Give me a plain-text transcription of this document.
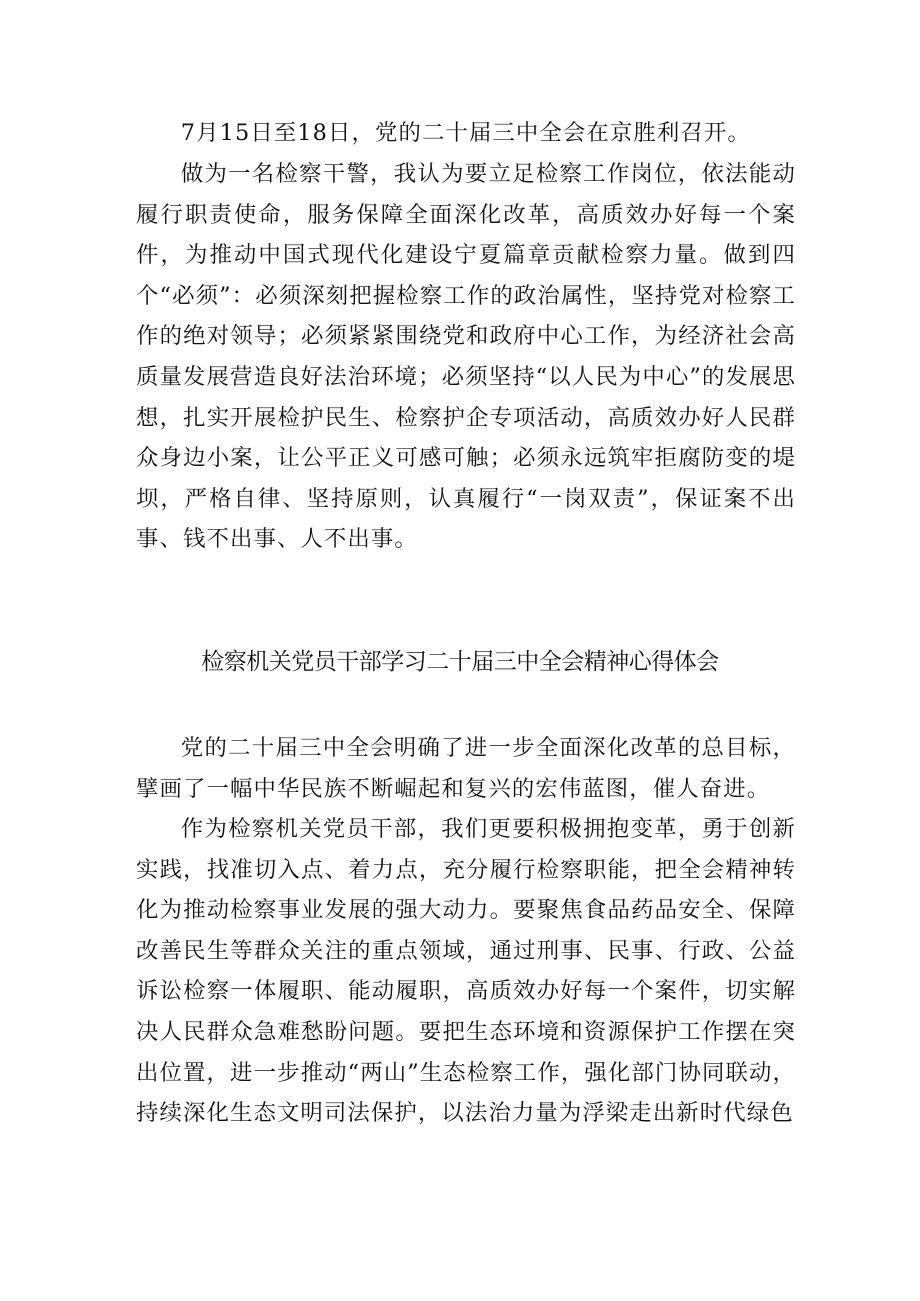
7月15日至18日，党的二十届三中全会在京胜利召开。

做为一名检察干警，我认为要立足检察工作岗位，依法能动履行职责使命，服务保障全面深化改革，高质效办好每一个案件，为推动中国式现代化建设宁夏篇章贡献检察力量。做到四个“必须”：必须深刻把握检察工作的政治属性，坚持党对检察工作的绝对领导；必须紧紧围绕党和政府中心工作，为经济社会高质量发展营造良好法治环境；必须坚持“以人民为中心”的发展思想，扎实开展检护民生、检察护企专项活动，高质效办好人民群众身边小案，让公平正义可感可触；必须永远筑牢拒腐防变的堤坝，严格自律、坚持原则，认真履行“一岗双责”，保证案不出事、钱不出事、人不出事。

检察机关党员干部学习二十届三中全会精神心得体会

党的二十届三中全会明确了进一步全面深化改革的总目标，擘画了一幅中华民族不断崛起和复兴的宏伟蓝图，催人奋进。

作为检察机关党员干部，我们更要积极拥抱变革，勇于创新实践，找准切入点、着力点，充分履行检察职能，把全会精神转化为推动检察事业发展的强大动力。要聚焦食品药品安全、保障改善民生等群众关注的重点领域，通过刑事、民事、行政、公益诉讼检察一体履职、能动履职，高质效办好每一个案件，切实解决人民群众急难愁盼问题。要把生态环境和资源保护工作摆在突出位置，进一步推动“两山”生态检察工作，强化部门协同联动，持续深化生态文明司法保护，以法治力量为浮梁走出新时代绿色
